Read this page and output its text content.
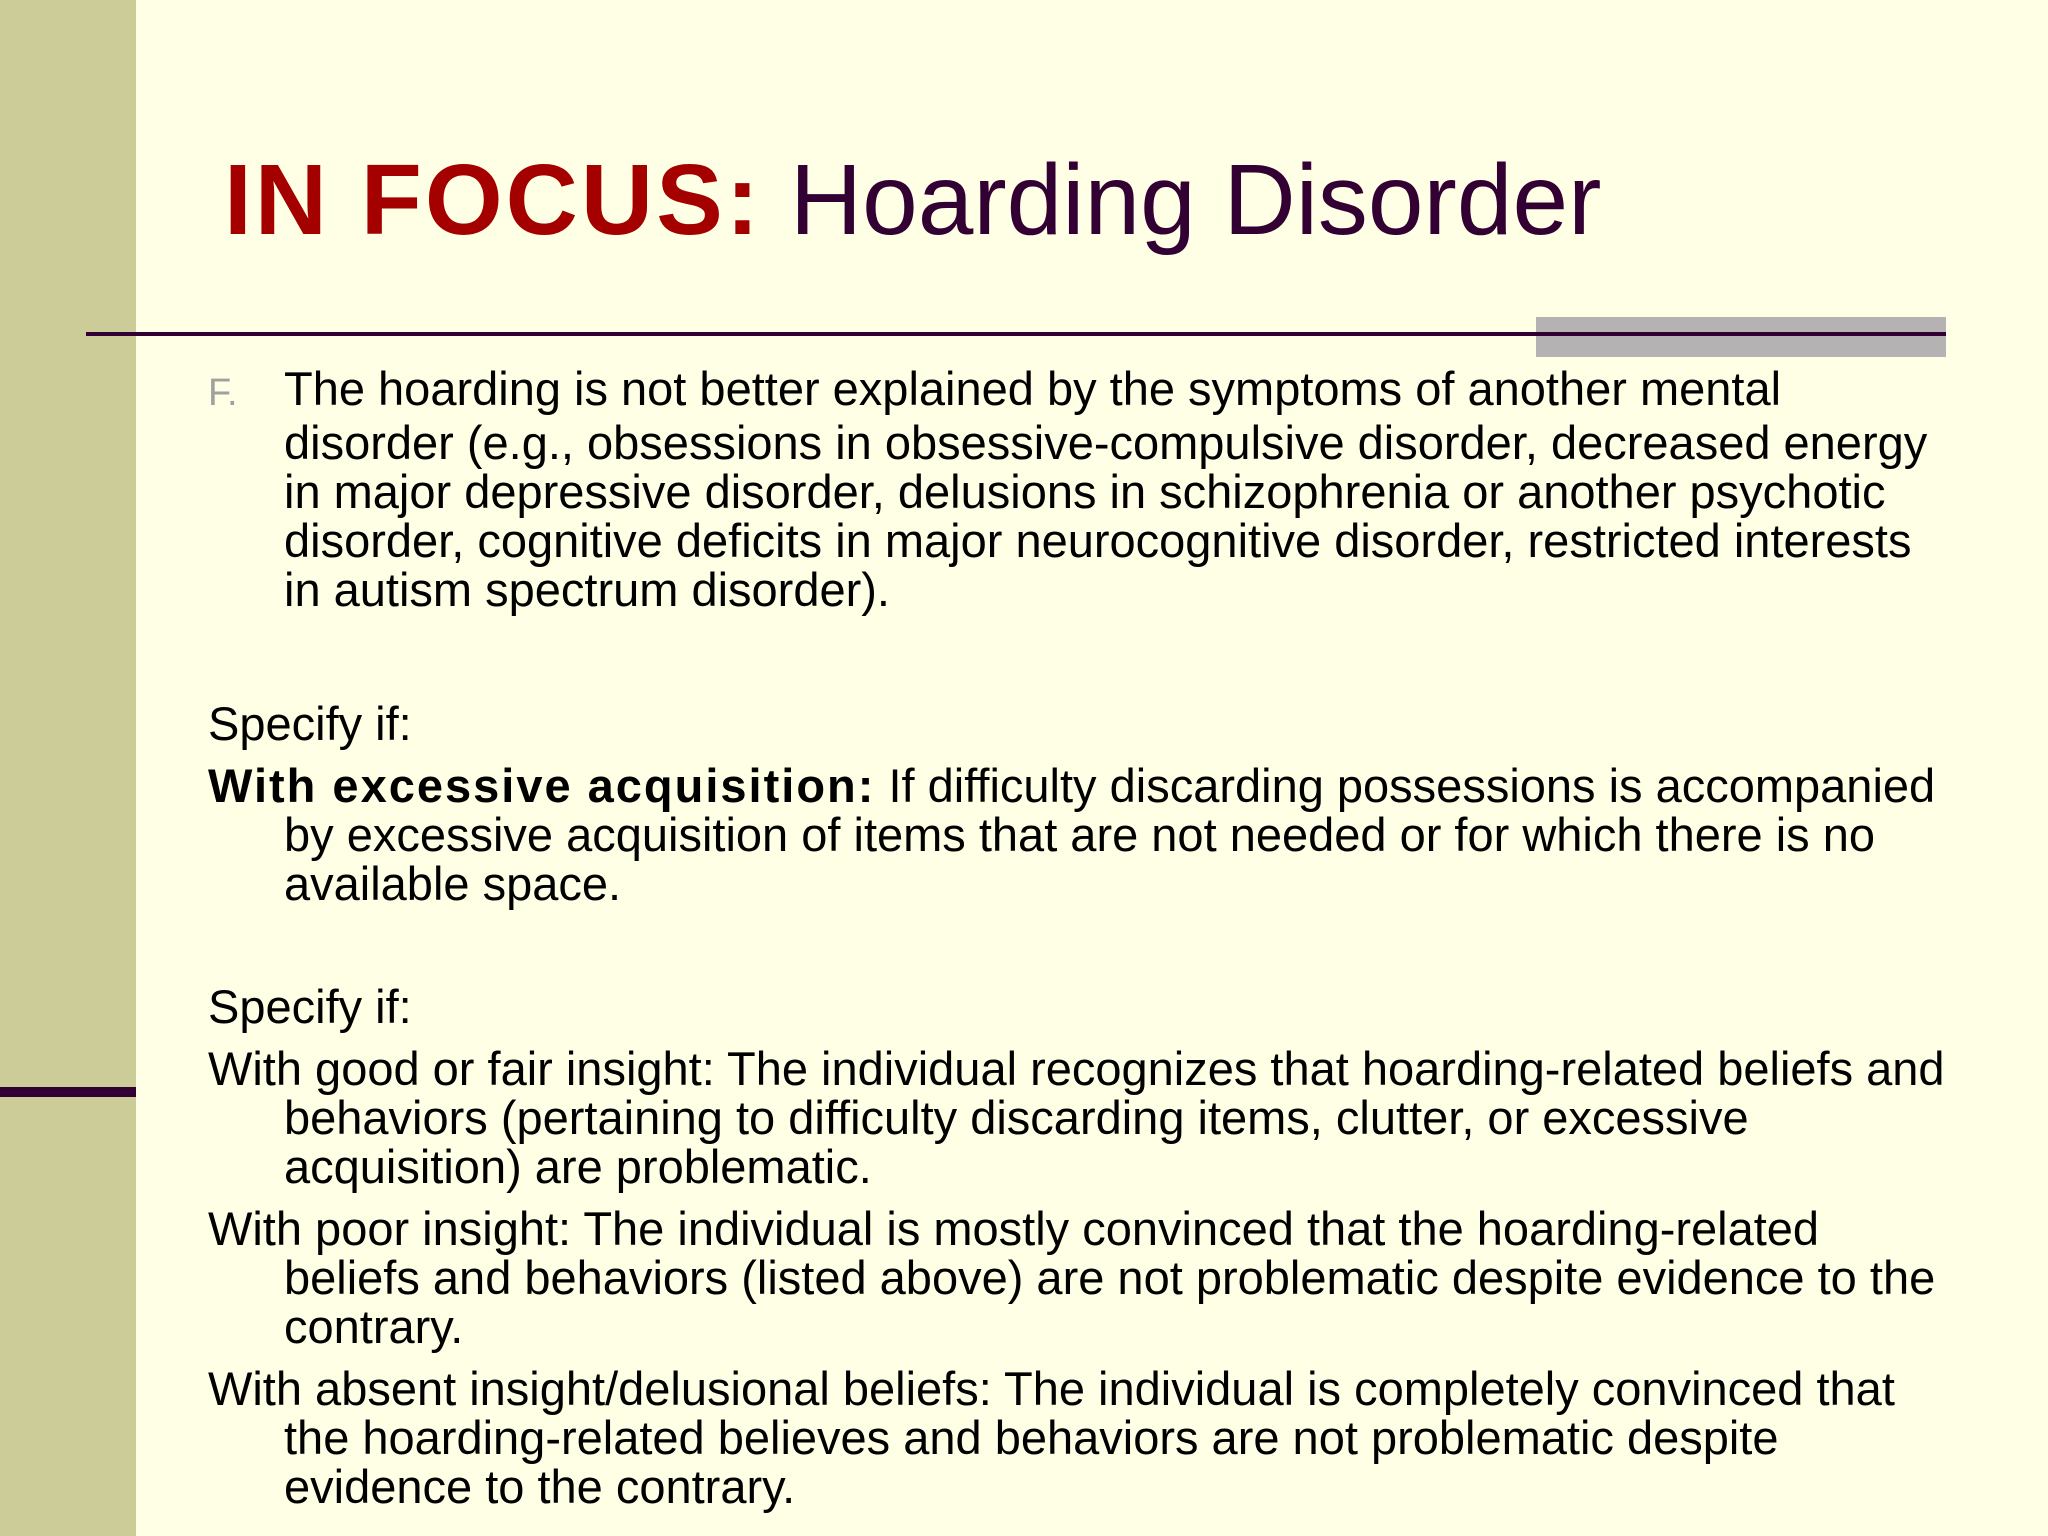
IN FOCUS: Hoarding Disorder

F. The hoarding is not better explained by the symptoms of another mental disorder (e.g., obsessions in obsessive-compulsive disorder, decreased energy in major depressive disorder, delusions in schizophrenia or another psychotic disorder, cognitive deficits in major neurocognitive disorder, restricted interests in autism spectrum disorder).

Specify if:

With excessive acquisition: If difficulty discarding possessions is accompanied by excessive acquisition of items that are not needed or for which there is no available space.

Specify if:

With good or fair insight: The individual recognizes that hoarding-related beliefs and behaviors (pertaining to difficulty discarding items, clutter, or excessive acquisition) are problematic.

With poor insight: The individual is mostly convinced that the hoarding-related beliefs and behaviors (listed above) are not problematic despite evidence to the contrary.

With absent insight/delusional beliefs: The individual is completely convinced that the hoarding-related believes and behaviors are not problematic despite evidence to the contrary.
